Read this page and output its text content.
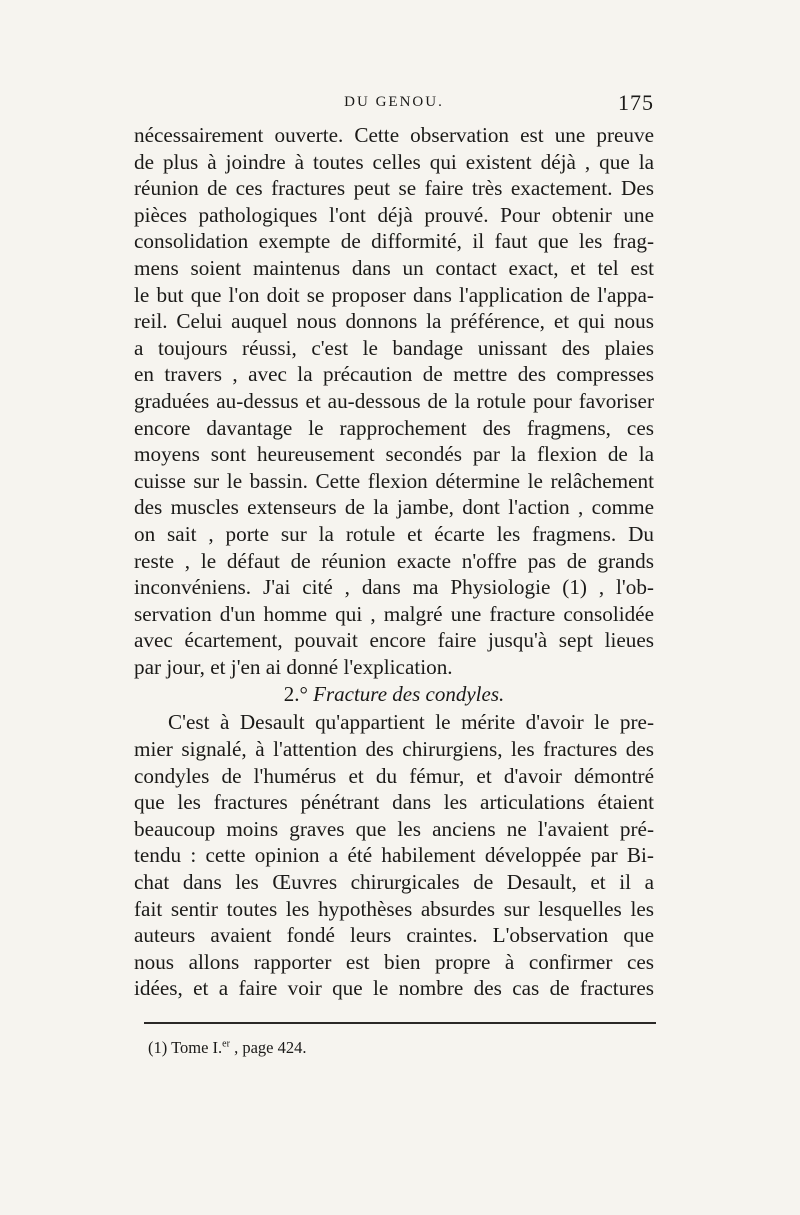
DU GENOU.	175
nécessairement ouverte. Cette observation est une preuve
de plus à joindre à toutes celles qui existent déjà , que la
réunion de ces fractures peut se faire très exactement. Des
pièces pathologiques l'ont déjà prouvé. Pour obtenir une
consolidation exempte de difformité, il faut que les frag-
mens soient maintenus dans un contact exact, et tel est
le but que l'on doit se proposer dans l'application de l'appa-
reil. Celui auquel nous donnons la préférence, et qui nous
a toujours réussi, c'est le bandage unissant des plaies
en travers , avec la précaution de mettre des compresses
graduées au-dessus et au-dessous de la rotule pour favoriser
encore davantage le rapprochement des fragmens, ces
moyens sont heureusement secondés par la flexion de la
cuisse sur le bassin. Cette flexion détermine le relâchement
des muscles extenseurs de la jambe, dont l'action , comme
on sait , porte sur la rotule et écarte les fragmens. Du
reste , le défaut de réunion exacte n'offre pas de grands
inconvéniens. J'ai cité , dans ma Physiologie (1) , l'ob-
servation d'un homme qui , malgré une fracture consolidée
avec écartement, pouvait encore faire jusqu'à sept lieues
par jour, et j'en ai donné l'explication.
2.° Fracture des condyles.
C'est à Desault qu'appartient le mérite d'avoir le pre-
mier signalé, à l'attention des chirurgiens, les fractures des
condyles de l'humérus et du fémur, et d'avoir démontré
que les fractures pénétrant dans les articulations étaient
beaucoup moins graves que les anciens ne l'avaient pré-
tendu : cette opinion a été habilement développée par Bi-
chat dans les Œuvres chirurgicales de Desault, et il a
fait sentir toutes les hypothèses absurdes sur lesquelles les
auteurs avaient fondé leurs craintes. L'observation que
nous allons rapporter est bien propre à confirmer ces
idées, et a faire voir que le nombre des cas de fractures
(1) Tome I.$^{er}$ , page 424.
